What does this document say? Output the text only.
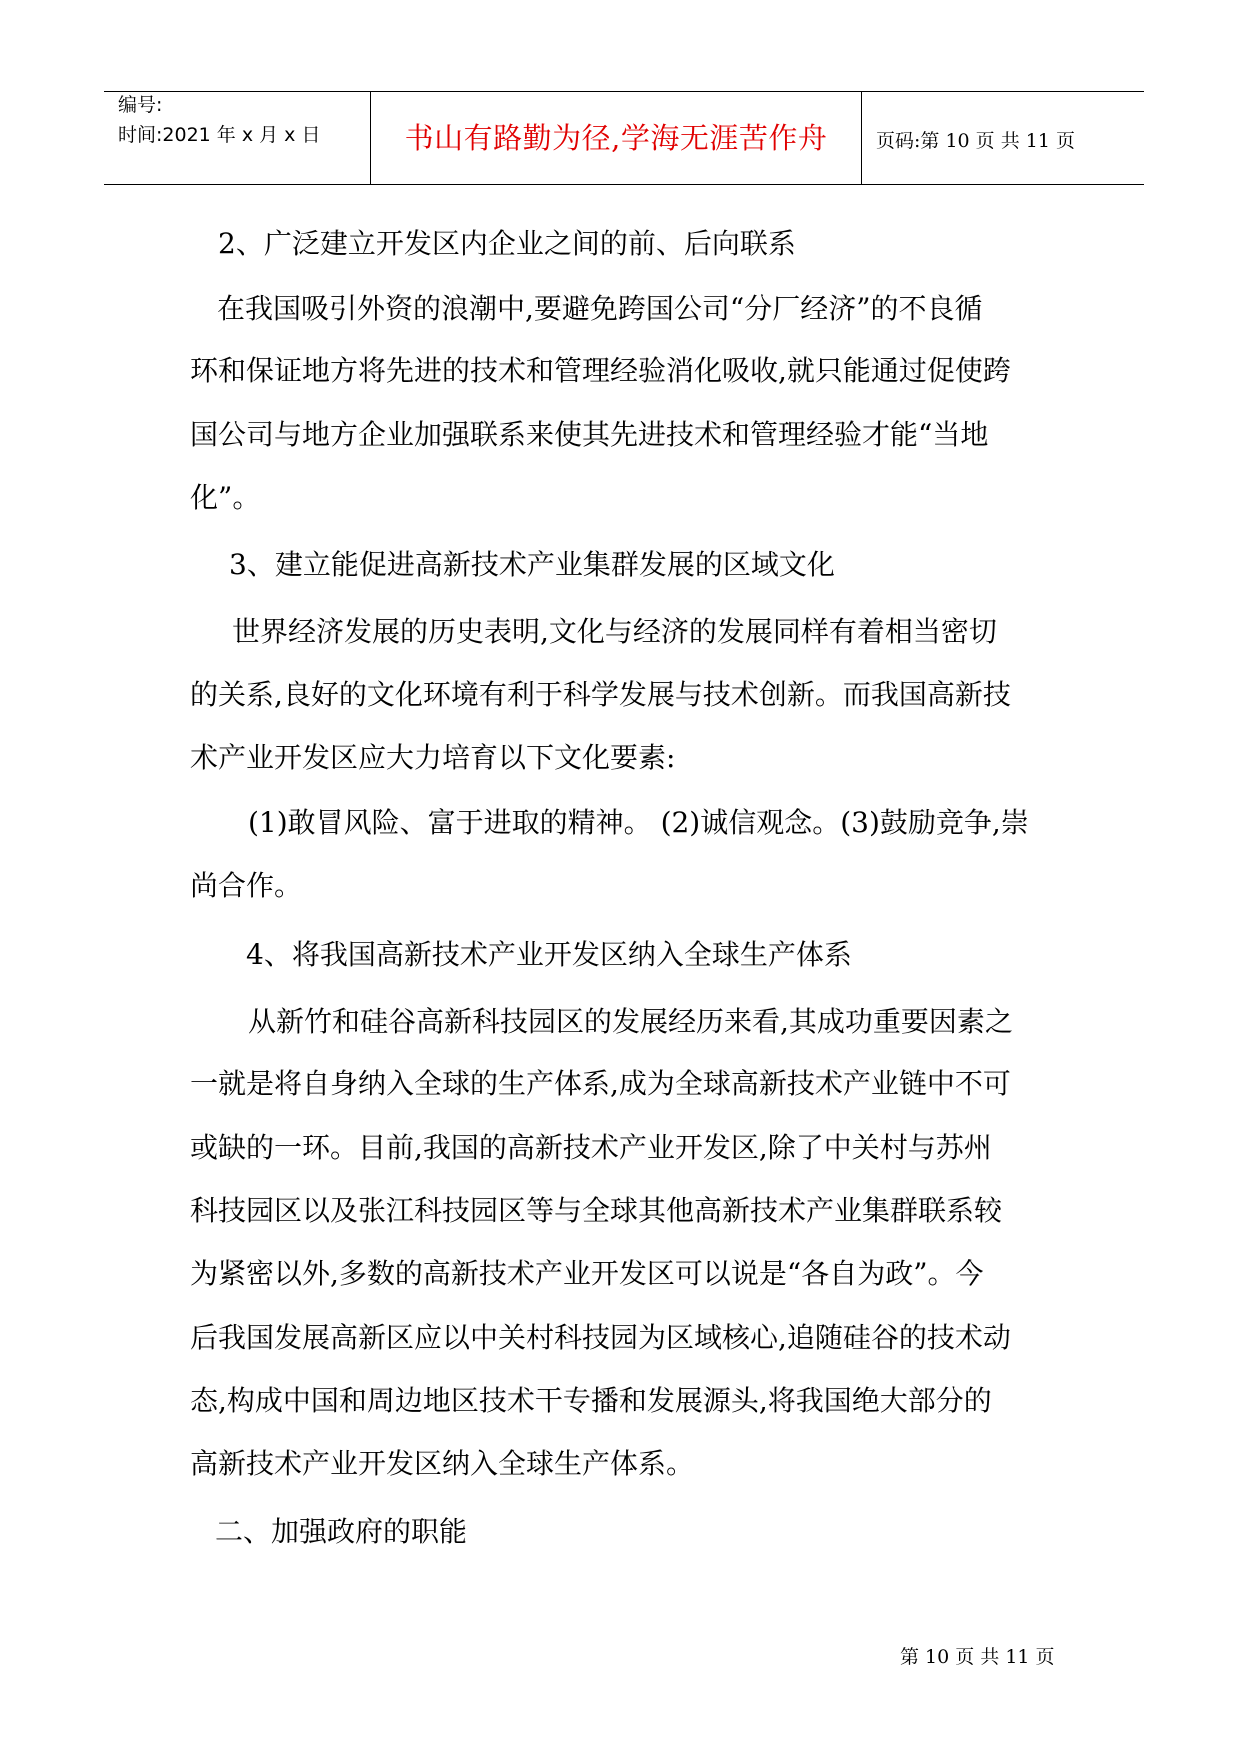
编号:
时间:2021 年 x 月 x 日	书山有路勤为径,学海无涯苦作舟	页码:第 10 页 共 11 页
2、广泛建立开发区内企业之间的前、后向联系
在我国吸引外资的浪潮中,要避免跨国公司“分厂经济”的不良循
环和保证地方将先进的技术和管理经验消化吸收,就只能通过促使跨
国公司与地方企业加强联系来使其先进技术和管理经验才能“当地
化”。
3、建立能促进高新技术产业集群发展的区域文化
世界经济发展的历史表明,文化与经济的发展同样有着相当密切
的关系,良好的文化环境有利于科学发展与技术创新。而我国高新技
术产业开发区应大力培育以下文化要素:
(1)敢冒风险、富于进取的精神。 (2)诚信观念。(3)鼓励竞争,崇
尚合作。
4、将我国高新技术产业开发区纳入全球生产体系
从新竹和硅谷高新科技园区的发展经历来看,其成功重要因素之
一就是将自身纳入全球的生产体系,成为全球高新技术产业链中不可
或缺的一环。目前,我国的高新技术产业开发区,除了中关村与苏州
科技园区以及张江科技园区等与全球其他高新技术产业集群联系较
为紧密以外,多数的高新技术产业开发区可以说是“各自为政”。今
后我国发展高新区应以中关村科技园为区域核心,追随硅谷的技术动
态,构成中国和周边地区技术干专播和发展源头,将我国绝大部分的
高新技术产业开发区纳入全球生产体系。
二、加强政府的职能
第 10 页 共 11 页
